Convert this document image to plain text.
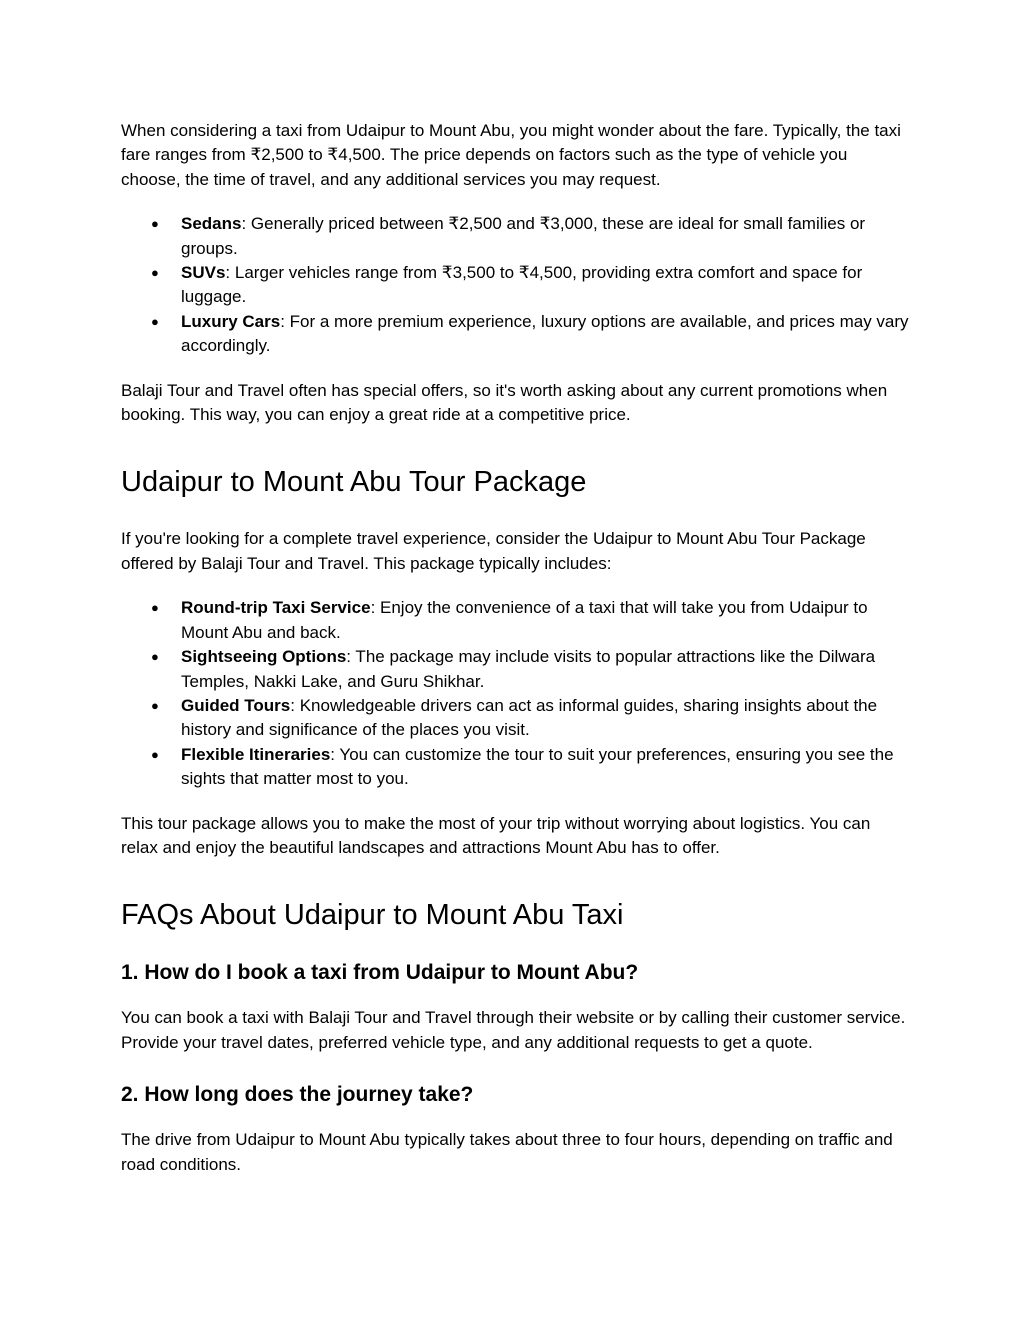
When considering a taxi from Udaipur to Mount Abu, you might wonder about the fare. Typically, the taxi fare ranges from ₹2,500 to ₹4,500. The price depends on factors such as the type of vehicle you choose, the time of travel, and any additional services you may request.

● Sedans: Generally priced between ₹2,500 and ₹3,000, these are ideal for small families or groups.
● SUVs: Larger vehicles range from ₹3,500 to ₹4,500, providing extra comfort and space for luggage.
● Luxury Cars: For a more premium experience, luxury options are available, and prices may vary accordingly.

Balaji Tour and Travel often has special offers, so it's worth asking about any current promotions when booking. This way, you can enjoy a great ride at a competitive price.

Udaipur to Mount Abu Tour Package

If you're looking for a complete travel experience, consider the Udaipur to Mount Abu Tour Package offered by Balaji Tour and Travel. This package typically includes:

● Round-trip Taxi Service: Enjoy the convenience of a taxi that will take you from Udaipur to Mount Abu and back.
● Sightseeing Options: The package may include visits to popular attractions like the Dilwara Temples, Nakki Lake, and Guru Shikhar.
● Guided Tours: Knowledgeable drivers can act as informal guides, sharing insights about the history and significance of the places you visit.
● Flexible Itineraries: You can customize the tour to suit your preferences, ensuring you see the sights that matter most to you.

This tour package allows you to make the most of your trip without worrying about logistics. You can relax and enjoy the beautiful landscapes and attractions Mount Abu has to offer.

FAQs About Udaipur to Mount Abu Taxi
1. How do I book a taxi from Udaipur to Mount Abu?

You can book a taxi with Balaji Tour and Travel through their website or by calling their customer service. Provide your travel dates, preferred vehicle type, and any additional requests to get a quote.

2. How long does the journey take?

The drive from Udaipur to Mount Abu typically takes about three to four hours, depending on traffic and road conditions.
